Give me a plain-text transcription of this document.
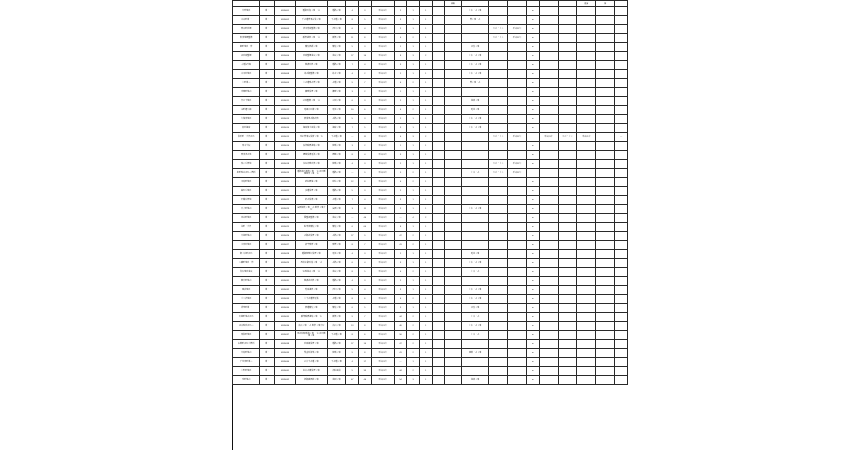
												合計							区分	計	
大野地区	第一	0189001	道路改良工事 一式	道路工事	4	3	平成21年	2	1	1			土木一式工事			●					
中央町第一	第一	0189002	下水道管渠布設工事	下水道工事	8	5	平成21年	3	1	1			管工事一式			●					
西山町区域	第一	0189003	河川護岸整備工事	河川工事	6	4	平成21年	2	1	1				とび・土工	平成21年	●					
東部地域整備	第一	0189004	橋梁補修工事 一式	橋梁工事	11	8	平成21年	4	2	1				とび・土工	平成21年	●					
南町地区一帯	第一	0189005	舗装修繕工事	舗装工事	5	3	平成21年	2	1	1			ほ装工事			●					
北区画整理	第一	0189006	区画整理造成工事	造成工事	27	14	平成21年	8	3	2			土木一式工事			●					
市道3号線	第一	0189007	側溝改修工事	道路工事	7	4	平成21年	3	1	1			土木一式工事			●					
中川原地区	第一	0189008	排水路整備工事	排水工事	4	2	平成21年	2	1	1			土木一式工事			●					
上町第二	第一	0189009	上水道配水管工事	水道工事	9	7	平成21年	4	2	1			管工事一式			●					
平岡町地内	第一	0189010	擁壁設置工事	擁壁工事	3	2	平成21年	1	1	1						●					
宮の下地区	第一	0189011	公園整備工事 一式	公園工事	6	3	平成21年	2	1	1			造園工事			●					
本町通り線	第一	0189012	電線共同溝工事	電気工事	10	6	平成21年	4	2	1			電気工事			●					
久保田地区	第一	0189013	農業用水路改修	水路工事	5	3	平成21年	2	1	1			土木一式工事			●					
松原海岸	第一	0189014	海岸保全施設工事	海岸工事	7	5	平成21年	3	1	1			土木一式工事			●					
新田町一丁目ほか	第一	0189015	汚水管渠布設替工事一式	下水道工事	—	11	平成21年	6	3	2				とび・土工	平成21年		平成21年	とび・土工	平成21年		—
東中学校	第一	0189016	校舎耐震補強工事	建築工事	3	2	平成21年	1	1	1						●					
西部浄水場	第一	0189017	機械設備更新工事	機械工事	8	4	平成21年	3	1	1						●					
桜ヶ丘団地	第一	0189018	住宅外壁改修工事	建築工事	4	3	平成21年	2	1	1				とび・土工	平成21年	●					
旭町地内ほか二箇所	第一	0189019	道路維持補修工事 一式 ほか関連附帯工事一式	道路工事	—	9	平成21年	5	2	1			土木一式	とび・土工	平成21年						
川島町地区	第一	0189020	砂防堰堤工事	砂防工事	12	8	平成21年	4	2	1						●					
緑が丘地区	第一	0189021	歩道設置工事	道路工事	5	3	平成21年	2	1	1						●					
若葉台団地	第一	0189022	給水設備工事	水道工事	7	4	平成21年	3	1	1						●					
日吉町地内	第一	0189023	法面保護工事 一式 附帯工事含む	法面工事	3	11	平成21年	2	1	1			土木一式工事			●					
寺内町地区	第一	0189024	調整池整備工事	造成工事	—	46	平成21年	—	4	2						●					
栄町一丁目	第一	0189025	駐車場舗装工事	舗装工事	6	64	平成21年	8	1	1						●					
大塚町地内	第一	0189026	水路蓋設置工事	水路工事	27	9	平成21年	47	2	1						●					
小田原地区	第一	0189027	消雪配管工事	配管工事	8	7	平成21年	41	2	1						●					
富士見町ほか	第一	0189028	道路照明灯設置工事	電気工事	4	3	平成21年	2	1	1			電気工事			●					
八幡町地区一帯	第一	0189029	用排水路改良工事 一式	水路工事	6	4	平成21年	3	1	1			土木一式工事			●					
高台地区造成	第一	0189030	宅地造成工事 一式	造成工事	8	5	平成21年	4	2	1			土木一式			●					
朝日町地内	第一	0189031	側溝蓋改修工事	道路工事	4	3	平成21年	2	1	1						●					
南浜地区	第一	0189032	護岸補修工事	河川工事	5	4	平成21年	3	1	1			土木一式工事			●					
三ツ沢地区	第一	0189033	上下水道管更新	水道工事	8	6	平成21年	4	2	1			土木一式工事			●					
美里町第一	第一	0189034	農道舗装工事	舗装工事	6	5	平成21年	3	1	1			ほ装工事			●					
川崎町地内ほか	第一	0189035	橋梁耐震補強工事一式	橋梁工事	9	7	平成21年	44	2	1			土木一式			●					
北山地区ほか二	第一	0189036	治山工事 一式 附帯工事含む	治山工事	13	8	平成21年	46	2	1			土木一式工事			●					
東新町地区	第一	0189037	雨水幹線築造工事 一式 ほか関連工事	下水道工事	8	6	平成21年	56	2	1			土木一式			●					
本郷町ほか三箇所	第一	0189038	区画線設置工事	道路工事	27	14	平成21年	47	2	1						●					
大島町地内	第一	0189039	集会所新築工事	建築工事	9	8	平成21年	41	2	1			建築一式工事			●					
千代田町第二	第一	0189040	公共下水道工事	下水道工事	4	17	平成21年	—	1	1						●					
上野町地区	第一	0189041	防火水槽設置工事	消防施設	5	33	平成21年	44	2	1						●					
元町地内	第一	0189042	街路樹植栽工事	造園工事	47	46	平成21年	54	3	1			造園工事			●					
